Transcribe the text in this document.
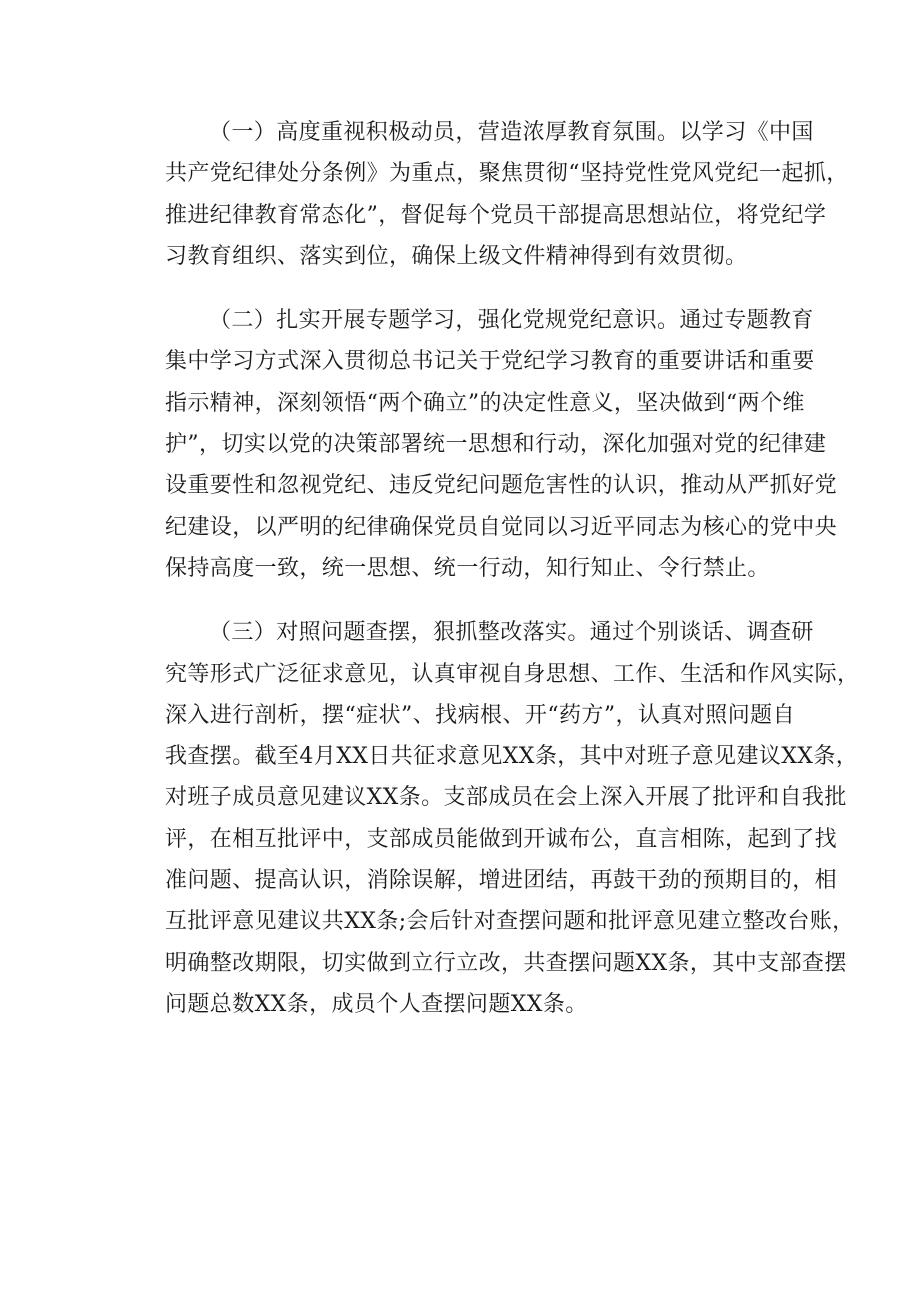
（一）高度重视积极动员，营造浓厚教育氛围。以学习《中国
共产党纪律处分条例》为重点，聚焦贯彻“坚持党性党风党纪一起抓，
推进纪律教育常态化”，督促每个党员干部提高思想站位，将党纪学
习教育组织、落实到位，确保上级文件精神得到有效贯彻。

（二）扎实开展专题学习，强化党规党纪意识。通过专题教育
集中学习方式深入贯彻总书记关于党纪学习教育的重要讲话和重要
指示精神，深刻领悟“两个确立”的决定性意义，坚决做到“两个维
护”，切实以党的决策部署统一思想和行动，深化加强对党的纪律建
设重要性和忽视党纪、违反党纪问题危害性的认识，推动从严抓好党
纪建设，以严明的纪律确保党员自觉同以习近平同志为核心的党中央
保持高度一致，统一思想、统一行动，知行知止、令行禁止。

（三）对照问题查摆，狠抓整改落实。通过个别谈话、调查研
究等形式广泛征求意见，认真审视自身思想、工作、生活和作风实际，
深入进行剖析，摆“症状”、找病根、开“药方”，认真对照问题自
我查摆。截至4月XX日共征求意见XX条，其中对班子意见建议XX条，
对班子成员意见建议XX条。支部成员在会上深入开展了批评和自我批
评，在相互批评中，支部成员能做到开诚布公，直言相陈，起到了找
准问题、提高认识，消除误解，增进团结，再鼓干劲的预期目的，相
互批评意见建议共XX条;会后针对查摆问题和批评意见建立整改台账，
明确整改期限，切实做到立行立改，共查摆问题XX条，其中支部查摆
问题总数XX条，成员个人查摆问题XX条。
